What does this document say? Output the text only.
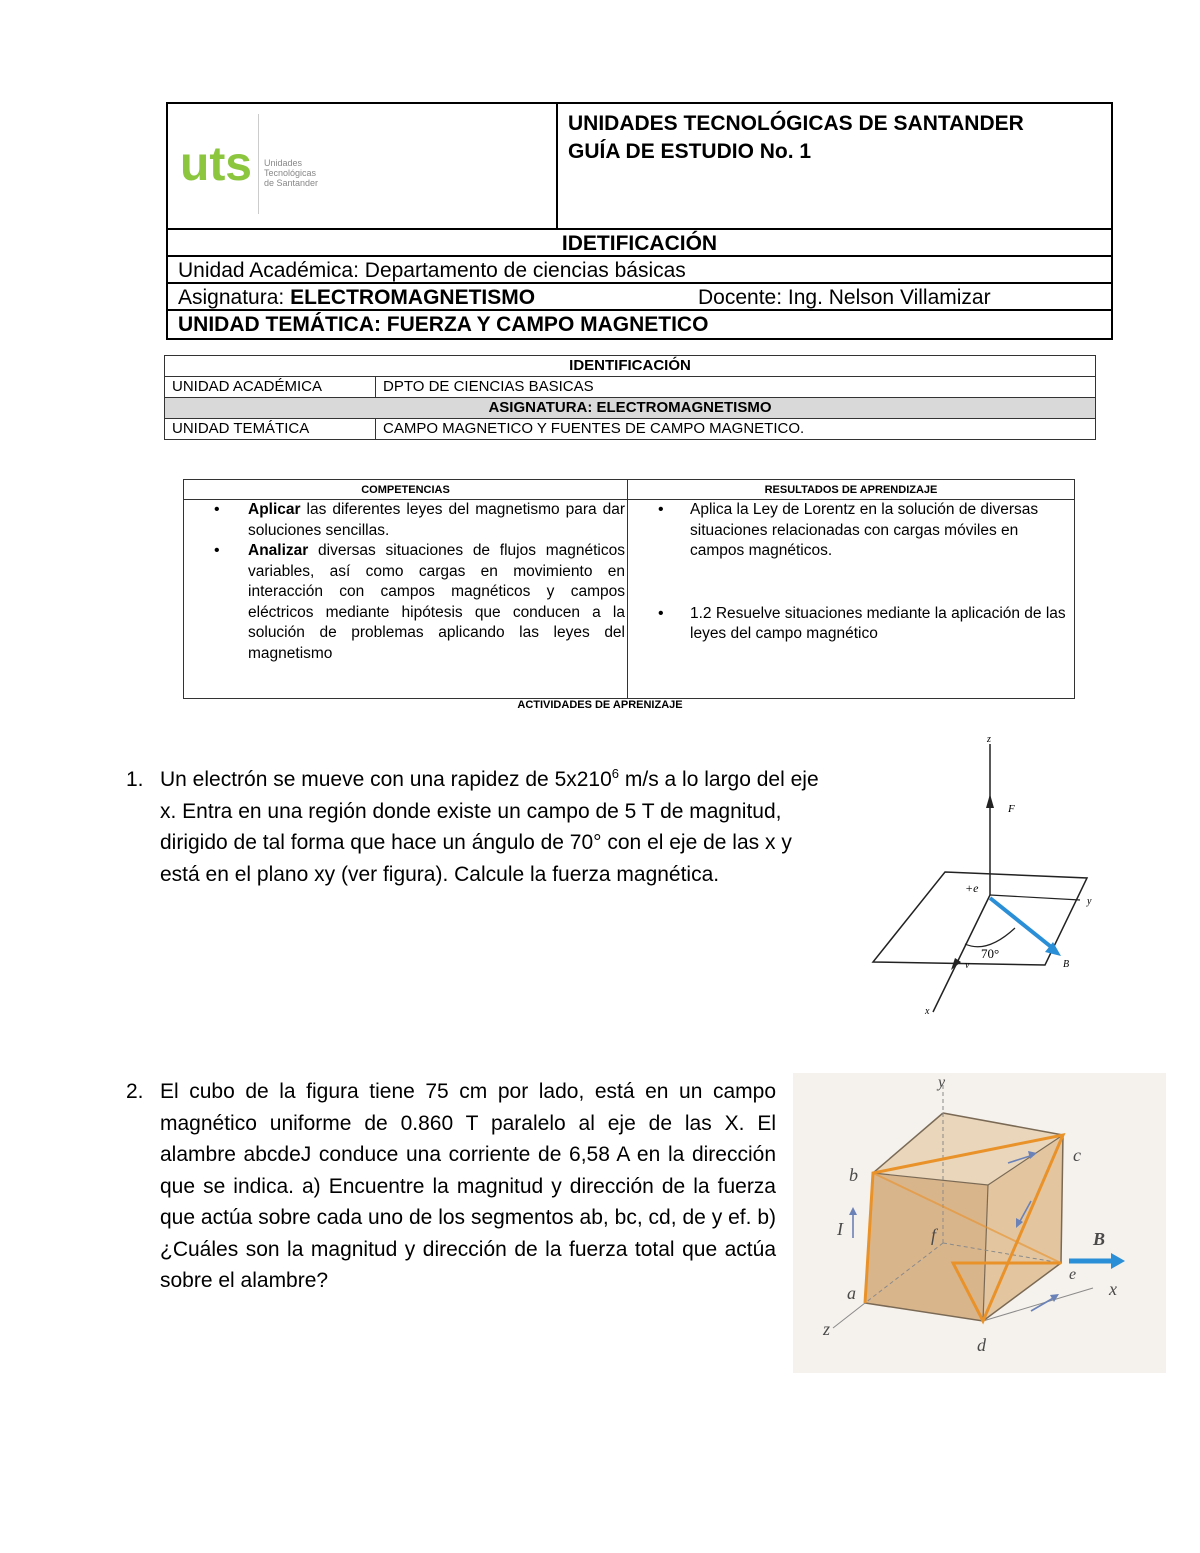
uts Unidades
Tecnológicas
de Santander
UNIDADES TECNOLÓGICAS DE SANTANDER
GUÍA DE ESTUDIO No. 1
IDETIFICACIÓN
Unidad Académica: Departamento de ciencias básicas
Asignatura: ELECTROMAGNETISMO	Docente: Ing. Nelson Villamizar
UNIDAD TEMÁTICA: FUERZA Y CAMPO MAGNETICO
IDENTIFICACIÓN	
UNIDAD ACADÉMICA	DPTO DE CIENCIAS BASICAS
ASIGNATURA: ELECTROMAGNETISMO	
UNIDAD TEMÁTICA	CAMPO MAGNETICO Y FUENTES DE CAMPO MAGNETICO.
COMPETENCIAS
• Aplicar las diferentes leyes del magnetismo para dar soluciones sencillas.
• Analizar diversas situaciones de flujos magnéticos variables, así como cargas en movimiento en interacción con campos magnéticos y campos eléctricos mediante hipótesis que conducen a la solución de problemas aplicando las leyes del magnetismo
RESULTADOS DE APRENDIZAJE
• Aplica la Ley de Lorentz en la solución de diversas situaciones relacionadas con cargas móviles en campos magnéticos.
• 1.2 Resuelve situaciones mediante la aplicación de las leyes del campo magnético
ACTIVIDADES DE APRENIZAJE
1. Un electrón se mueve con una rapidez de $5x210^6$ m/s a lo largo del eje x. Entra en una región donde existe un campo de 5 T de magnitud, dirigido de tal forma que hace un ángulo de 70° con el eje de las x y está en el plano xy (ver figura). Calcule la fuerza magnética.
z
F
y
x
v	B
+e
70°
2. El cubo de la figura tiene 75 cm por lado, está en un campo magnético uniforme de 0.860 T paralelo al eje de las X. El alambre abcdeJ conduce una corriente de 6,58 A en la dirección que se indica. a) Encuentre la magnitud y dirección de la fuerza que actúa sobre cada uno de los segmentos ab, bc, cd, de y ef. b) ¿Cuáles son la magnitud y dirección de la fuerza total que actúa sobre el alambre?
y
b
c
I	f	B
e
x
a
z
d
